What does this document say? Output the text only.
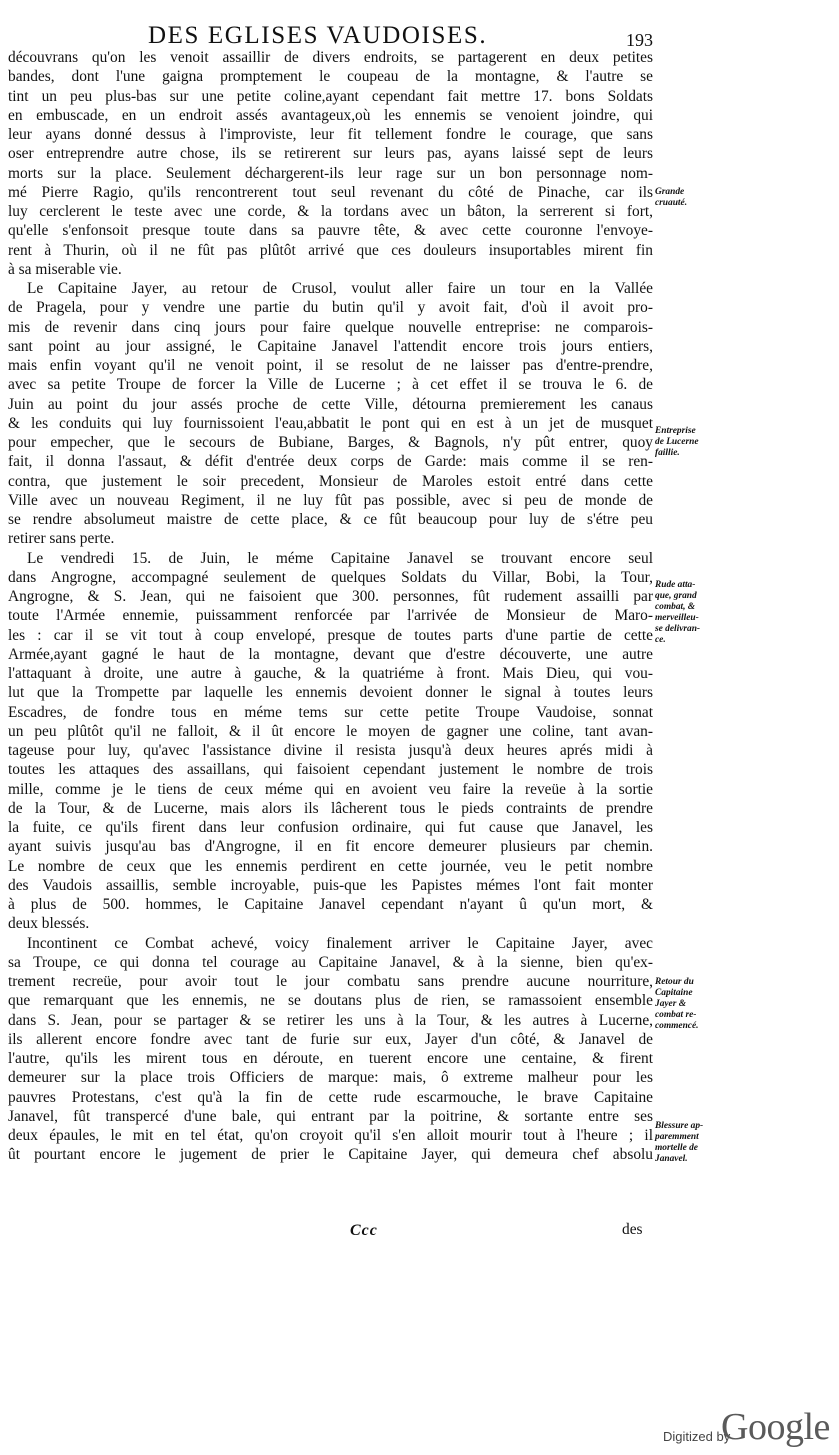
DES EGLISES VAUDOISES.	193

découvrans qu'on les venoit assaillir de divers endroits, se partagerent en deux petites

bandes, dont l'une gaigna promptement le coupeau de la montagne, & l'autre se

tint un peu plus-bas sur une petite coline,ayant cependant fait mettre 17. bons Soldats

en embuscade, en un endroit assés avantageux,où les ennemis se venoient joindre, qui

leur ayans donné dessus à l'improviste, leur fit tellement fondre le courage, que sans

oser entreprendre autre chose, ils se retirerent sur leurs pas, ayans laissé sept de leurs

morts sur la place. Seulement déchargerent-ils leur rage sur un bon personnage nom-

mé Pierre Ragio, qu'ils rencontrerent tout seul revenant du côté de Pinache, car ils

luy cerclerent le teste avec une corde, & la tordans avec un bâton, la serrerent si fort,

qu'elle s'enfonsoit presque toute dans sa pauvre tête, & avec cette couronne l'envoye-

rent à Thurin, où il ne fût pas plûtôt arrivé que ces douleurs insuportables mirent fin

à sa miserable vie.

Le Capitaine Jayer, au retour de Crusol, voulut aller faire un tour en la Vallée

de Pragela, pour y vendre une partie du butin qu'il y avoit fait, d'où il avoit pro-

mis de revenir dans cinq jours pour faire quelque nouvelle entreprise: ne comparois-

sant point au jour assigné, le Capitaine Janavel l'attendit encore trois jours entiers,

mais enfin voyant qu'il ne venoit point, il se resolut de ne laisser pas d'entre-prendre,

avec sa petite Troupe de forcer la Ville de Lucerne ; à cet effet il se trouva le 6. de

Juin au point du jour assés proche de cette Ville, détourna premierement les canaus

& les conduits qui luy fournissoient l'eau,abbatit le pont qui en est à un jet de musquet

pour empecher, que le secours de Bubiane, Barges, & Bagnols, n'y pût entrer, quoy

fait, il donna l'assaut, & défit d'entrée deux corps de Garde: mais comme il se ren-

contra, que justement le soir precedent, Monsieur de Maroles estoit entré dans cette

Ville avec un nouveau Regiment, il ne luy fût pas possible, avec si peu de monde de

se rendre absolumeut maistre de cette place, & ce fût beaucoup pour luy de s'étre peu

retirer sans perte.

Le vendredi 15. de Juin, le méme Capitaine Janavel se trouvant encore seul

dans Angrogne, accompagné seulement de quelques Soldats du Villar, Bobi, la Tour,

Angrogne, & S. Jean, qui ne faisoient que 300. personnes, fût rudement assailli par

toute l'Armée ennemie, puissamment renforcée par l'arrivée de Monsieur de Maro-

les : car il se vit tout à coup envelopé, presque de toutes parts d'une partie de cette

Armée,ayant gagné le haut de la montagne, devant que d'estre découverte, une autre

l'attaquant à droite, une autre à gauche, & la quatriéme à front. Mais Dieu, qui vou-

lut que la Trompette par laquelle les ennemis devoient donner le signal à toutes leurs

Escadres, de fondre tous en méme tems sur cette petite Troupe Vaudoise, sonnat

un peu plûtôt qu'il ne falloit, & il ût encore le moyen de gagner une coline, tant avan-

tageuse pour luy, qu'avec l'assistance divine il resista jusqu'à deux heures aprés midi à

toutes les attaques des assaillans, qui faisoient cependant justement le nombre de trois

mille, comme je le tiens de ceux méme qui en avoient veu faire la reveüe à la sortie

de la Tour, & de Lucerne, mais alors ils lâcherent tous le pieds contraints de prendre

la fuite, ce qu'ils firent dans leur confusion ordinaire, qui fut cause que Janavel, les

ayant suivis jusqu'au bas d'Angrogne, il en fit encore demeurer plusieurs par chemin.

Le nombre de ceux que les ennemis perdirent en cette journée, veu le petit nombre

des Vaudois assaillis, semble incroyable, puis-que les Papistes mémes l'ont fait monter

à plus de 500. hommes, le Capitaine Janavel cependant n'ayant û qu'un mort, &

deux blessés.

Incontinent ce Combat achevé, voicy finalement arriver le Capitaine Jayer, avec

sa Troupe, ce qui donna tel courage au Capitaine Janavel, & à la sienne, bien qu'ex-

trement recreüe, pour avoir tout le jour combatu sans prendre aucune nourriture,

que remarquant que les ennemis, ne se doutans plus de rien, se ramassoient ensemble

dans S. Jean, pour se partager & se retirer les uns à la Tour, & les autres à Lucerne,

ils allerent encore fondre avec tant de furie sur eux, Jayer d'un côté, & Janavel de

l'autre, qu'ils les mirent tous en déroute, en tuerent encore une centaine, & firent

demeurer sur la place trois Officiers de marque: mais, ô extreme malheur pour les

pauvres Protestans, c'est qu'à la fin de cette rude escarmouche, le brave Capitaine

Janavel, fût transpercé d'une bale, qui entrant par la poitrine, & sortante entre ses

deux épaules, le mit en tel état, qu'on croyoit qu'il s'en alloit mourir tout à l'heure ; il

ût pourtant encore le jugement de prier le Capitaine Jayer, qui demeura chef absolu

Grande
cruauté.
Entreprise
de Lucerne
faillie.
Rude atta-
que, grand
combat, &
merveilleu-
se delivran-
ce.
Retour du
Capitaine
Jayer &
combat re-
commencé.
Blessure ap-
paremment
mortelle de
Janavel.
Ccc	des
Digitized by
Google
